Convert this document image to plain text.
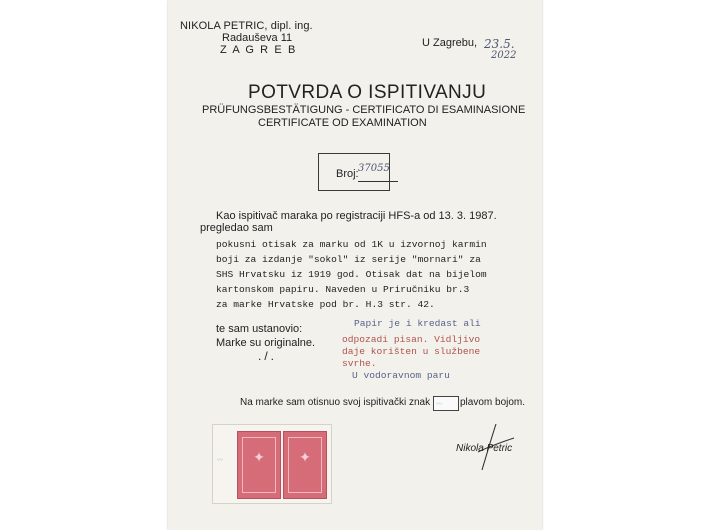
NIKOLA PETRIC, dipl. ing.
Radauševa 11
Z A G R E B
U Zagrebu, 23.5.
2022
POTVRDA O ISPITIVANJU
PRÜFUNGSBESTÄTIGUNG - CERTIFICATO DI ESAMINASIONE
CERTIFICATE OD EXAMINATION
Broj: 37055
Kao ispitivač maraka po registraciji HFS-a od 13. 3. 1987.
pregledao sam
pokusni otisak za marku od 1K u izvornoj karmin
boji za izdanje "sokol" iz serije "mornari" za
SHS Hrvatsku iz 1919 god. Otisak dat na bijelom
kartonskom papiru. Naveden u Priručniku br.3
za marke Hrvatske pod br. H.3 str. 42.
te sam ustanovio:
Marke su originalne.
./.
Papir je i kredast ali
odpozadi pisan. Vidljivo
daje korišten u službene
svrhe.
U vodoravnom paru
Na marke sam otisnuo svoj ispitivački znak 〰 plavom bojom.
〰	✦	✦
Nikola Petric
